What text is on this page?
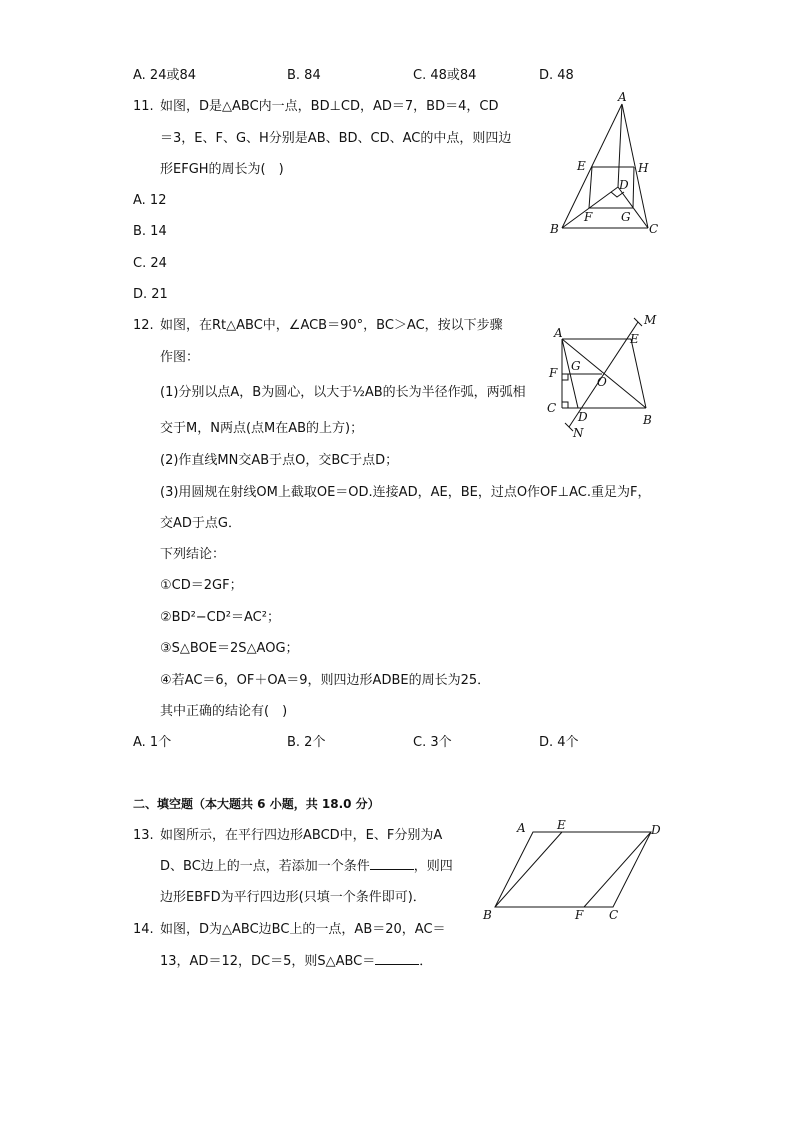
A. 24或84	B. 84	C. 48或84	D. 48
11. 如图，D是△ABC内一点，BD⊥CD，AD＝7，BD＝4，CD
＝3，E、F、G、H分别是AB、BD、CD、AC的中点，则四边
形EFGH的周长为(　)
A. 12
B. 14
C. 24
D. 21
A
E	H
D
F G
B	C
12. 如图，在Rt△ABC中，∠ACB＝90°，BC＞AC，按以下步骤
作图：
(1)分别以点A，B为圆心，以大于½AB的长为半径作弧，两弧相
交于M，N两点(点M在AB的上方)；
(2)作直线MN交AB于点O，交BC于点D；
(3)用圆规在射线OM上截取OE＝OD.连接AD，AE，BE，过点O作OF⊥AC.重足为F，
交AD于点G．
下列结论：
①CD＝2GF；
②BD²−CD²＝AC²；
③S△BOE＝2S△AOG；
④若AC＝6，OF＋OA＝9，则四边形ADBE的周长为25．
其中正确的结论有(　)
A. 1个	B. 2个	C. 3个	D. 4个
A
M
E
G
F
O
C
D	B
N
二、填空题（本大题共 6 小题，共 18.0 分）
13. 如图所示，在平行四边形ABCD中，E、F分别为A
D、BC边上的一点，若添加一个条件	，则四
边形EBFD为平行四边形(只填一个条件即可)．
A	E	D
B	F C
14. 如图，D为△ABC边BC上的一点，AB＝20，AC＝
13，AD＝12，DC＝5，则S△ABC＝	．
